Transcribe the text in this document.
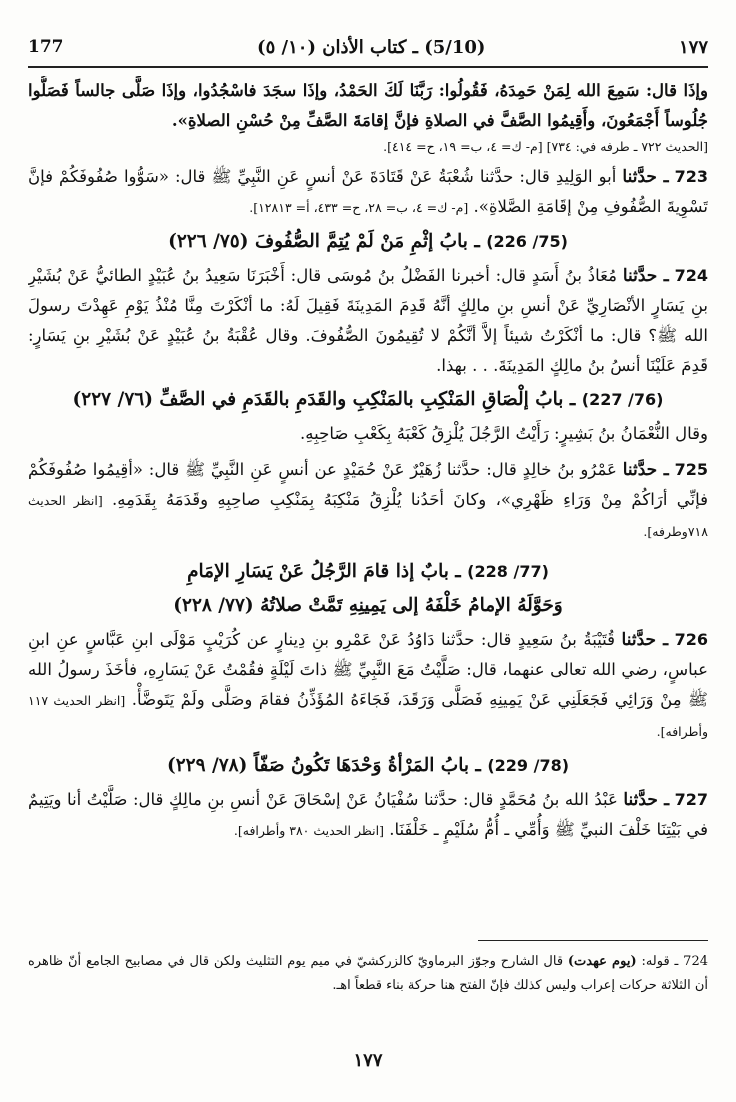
177	(5/10) ـ كتاب الأذان (١٠/ ٥)	١٧٧

وإذَا قال: سَمِعَ الله لِمَنْ حَمِدَهُ، فَقُولُوا: رَبَّنَا لَكَ الحَمْدُ، وإذَا سجَدَ فاسْجُدُوا، وإذَا صَلَّى جالساً فَصَلُّوا جُلُوساً أَجْمَعُونَ، وأَقِيمُوا الصَّفَّ في الصلاةِ فإنَّ إقامَةَ الصَّفِّ مِنْ حُسْنِ الصلاةِ».

[الحديث ٧٢٢ ـ طرفه في: ٧٣٤] [م- ك= ٤، ب= ١٩، ح= ٤١٤].

723 ـ حدَّثنا أبو الوَلِيدِ قال: حدَّثنا شُعْبَةُ عَنْ قَتَادَةَ عَنْ أنسٍ عَنِ النَّبِيِّ ﷺ قال: «سَوُّوا صُفُوفَكُمْ فإنَّ تَسْوِيةَ الصُّفُوفِ مِنْ إقَامَةِ الصَّلاةِ». [م- ك= ٤، ب= ٢٨، ح= ٤٣٣، أ= ١٢٨١٣].

(75/ 226) ـ بابُ إثْمِ مَنْ لَمْ يُتِمَّ الصُّفُوفَ (٧٥/ ٢٢٦)

724 ـ حدَّثنا مُعَاذُ بنُ أَسَدٍ قال: أخبرنا الفَضْلُ بنُ مُوسَى قال: أَخْبَرَنَا سَعِيدُ بنُ عُبَيْدٍ الطائيُّ عَنْ بُشَيْرِ بنِ يَسَارٍ الأنْصَارِيِّ عَنْ أنسِ بنِ مالِكٍ أنَّهُ قَدِمَ المَدِينَةَ فَقِيلَ لَهُ: ما أنْكَرْتَ مِنَّا مُنْذُ يَوْمِ عَهِدْتَ رسولَ الله ﷺ؟ قال: ما أنْكَرْتُ شيئاً إلاَّ أنَّكُمْ لا تُقِيمُونَ الصُّفُوفَ. وقال عُقْبَةُ بنُ عُبَيْدٍ عَنْ بُشَيْرِ بنِ يَسَارٍ: قَدِمَ عَلَيْنَا أنسُ بنُ مالِكٍ المَدِينَةَ. . . بهذا.

(76/ 227) ـ بابُ إلْصَاقِ المَنْكِبِ بالمَنْكِبِ والقَدَمِ بالقَدَمِ في الصَّفِّ (٧٦/ ٢٢٧)

وقال النُّعْمَانُ بنُ بَشِيرٍ: رَأَيْتُ الرَّجُلَ يُلْزِقُ كَعْبَهُ بِكَعْبِ صَاحِبِهِ.

725 ـ حدَّثنا عَمْرُو بنُ خالِدٍ قال: حدَّثنا زُهَيْرٌ عَنْ حُمَيْدٍ عن أنسٍ عَنِ النَّبِيِّ ﷺ قال: «أقِيمُوا صُفُوفَكُمْ فإنِّي أرَاكُمْ مِنْ وَرَاءِ ظَهْرِي»، وكانَ أحَدُنا يُلْزِقُ مَنْكِبَهُ بِمَنْكِبِ صاحِبِهِ وقَدَمَهُ بِقَدَمِهِ. [انظر الحديث ٧١٨وطرفه].

(77/ 228) ـ بابٌ إذا قامَ الرَّجُلُ عَنْ يَسَارِ الإمَامِ
وَحَوَّلَهُ الإمامُ خَلْفَهُ إلى يَمِينِهِ تَمَّتْ صلاتُهُ (٧٧/ ٢٢٨)

726 ـ حدَّثنا قُتَيْبَةُ بنُ سَعِيدٍ قال: حدَّثنا دَاوُدُ عَنْ عَمْرِو بنِ دِينارٍ عن كُرَيْبٍ مَوْلَى ابنِ عَبَّاسٍ عنِ ابنِ عباسٍ، رضي الله تعالى عنهما، قال: صَلَّيْتُ مَعَ النَّبِيِّ ﷺ ذاتَ لَيْلَةٍ فقُمْتُ عَنْ يَسَارِهِ، فأخَذَ رسولُ الله ﷺ مِنْ وَرَائِي فَجَعَلَنِي عَنْ يَمِينِهِ فَصَلَّى وَرَقَدَ، فَجَاءَهُ المُؤَذِّنُ فقامَ وصَلَّى ولَمْ يَتَوضَّأْ. [انظر الحديث ١١٧ وأطرافه].

(78/ 229) ـ بابُ المَرْأةُ وَحْدَهَا تَكُونُ صَفّاً (٧٨/ ٢٢٩)

727 ـ حدَّثنا عَبْدُ الله بنُ مُحَمَّدٍ قال: حدَّثنا سُفْيَانُ عَنْ إسْحَاقَ عَنْ أنسِ بنِ مالِكٍ قال: صَلَّيْتُ أنا ويَتِيمٌ في بَيْتِنَا خَلْفَ النبيِّ ﷺ وَأُمِّي ـ أُمُّ سُلَيْمٍ ـ خَلْفَنَا. [انظر الحديث ٣٨٠ وأطرافه].

724 ـ قوله: (يوم عهدت) قال الشارح وجوّز البرماويّ كالزركشيّ في ميم يوم التثليث ولكن قال في مصابيح الجامع أنّ ظاهره أن الثلاثة حركات إعراب وليس كذلك فإنّ الفتح هنا حركة بناء قطعاً اهـ.
١٧٧
